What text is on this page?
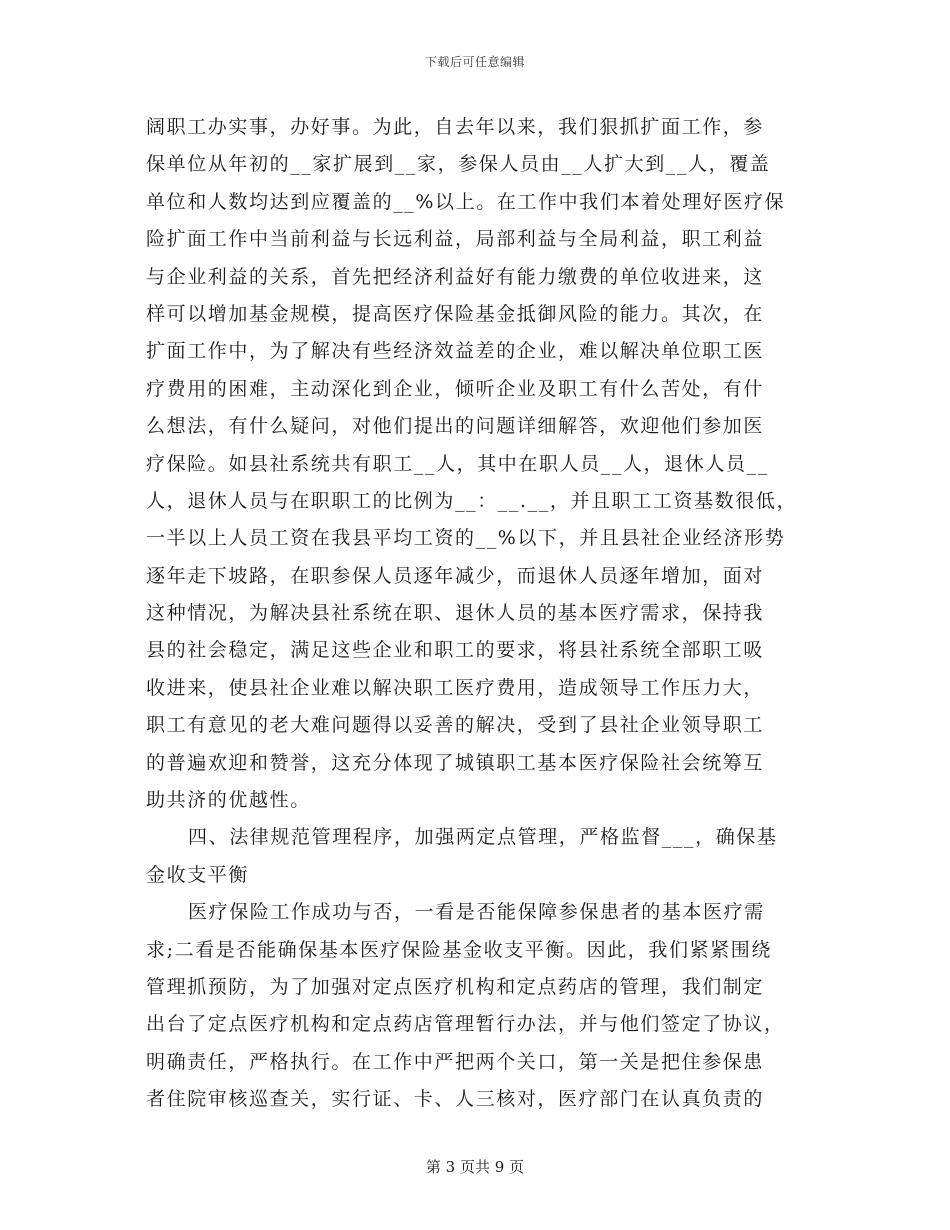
下载后可任意编辑
阔职工办实事，办好事。为此，自去年以来，我们狠抓扩面工作，参
保单位从年初的__家扩展到__家，参保人员由__人扩大到__人，覆盖
单位和人数均达到应覆盖的__%以上。在工作中我们本着处理好医疗保
险扩面工作中当前利益与长远利益，局部利益与全局利益，职工利益
与企业利益的关系，首先把经济利益好有能力缴费的单位收进来，这
样可以增加基金规模，提高医疗保险基金抵御风险的能力。其次，在
扩面工作中，为了解决有些经济效益差的企业，难以解决单位职工医
疗费用的困难，主动深化到企业，倾听企业及职工有什么苦处，有什
么想法，有什么疑问，对他们提出的问题详细解答，欢迎他们参加医
疗保险。如县社系统共有职工__人，其中在职人员__人，退休人员__
人，退休人员与在职职工的比例为__：__.__，并且职工工资基数很低，
一半以上人员工资在我县平均工资的__%以下，并且县社企业经济形势
逐年走下坡路，在职参保人员逐年减少，而退休人员逐年增加，面对
这种情况，为解决县社系统在职、退休人员的基本医疗需求，保持我
县的社会稳定，满足这些企业和职工的要求，将县社系统全部职工吸
收进来，使县社企业难以解决职工医疗费用，造成领导工作压力大，
职工有意见的老大难问题得以妥善的解决，受到了县社企业领导职工
的普遍欢迎和赞誉，这充分体现了城镇职工基本医疗保险社会统筹互
助共济的优越性。
四、法律规范管理程序，加强两定点管理，严格监督___，确保基
金收支平衡
医疗保险工作成功与否，一看是否能保障参保患者的基本医疗需
求;二看是否能确保基本医疗保险基金收支平衡。因此，我们紧紧围绕
管理抓预防，为了加强对定点医疗机构和定点药店的管理，我们制定
出台了定点医疗机构和定点药店管理暂行办法，并与他们签定了协议，
明确责任，严格执行。在工作中严把两个关口，第一关是把住参保患
者住院审核巡查关，实行证、卡、人三核对，医疗部门在认真负责的
第 3 页共 9 页
